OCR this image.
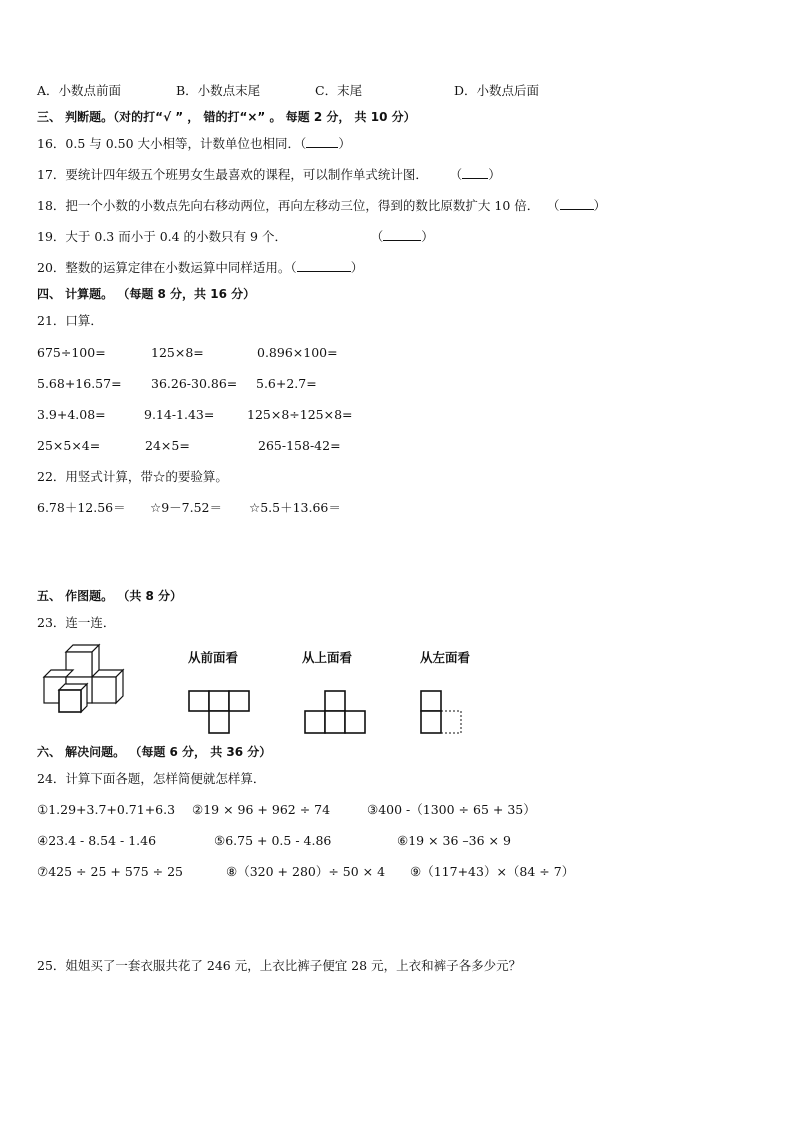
A．小数点前面	B．小数点末尾	C．末尾	D．小数点后面
三、 判断题。（对的打“√ ” ， 错的打“×” 。 每题 2 分， 共 10 分）
16．0.5 与 0.50 大小相等，计数单位也相同．（	）
17．要统计四年级五个班男女生最喜欢的课程，可以制作单式统计图． （ ）
18．把一个小数的小数点先向右移动两位，再向左移动三位，得到的数比原数扩大 10 倍． （	）
19．大于 0.3 而小于 0.4 的小数只有 9 个．	（	）
20．整数的运算定律在小数运算中同样适用。（	）
四、 计算题。 （每题 8 分，共 16 分）
21．口算．
675÷100=	125×8=	0.896×100=
5.68+16.57= 36.26-30.86= 5.6+2.7=
3.9+4.08=	9.14-1.43=	125×8÷125×8=
25×5×4=	24×5=	265-158-42=
22．用竖式计算，带☆的要验算。
6.78＋12.56＝ ☆9－7.52＝ ☆5.5＋13.66＝
五、 作图题。 （共 8 分）
23．连一连．
从前面看	从上面看	从左面看
六、 解决问题。 （每题 6 分， 共 36 分）
24．计算下面各题，怎样简便就怎样算．
①1.29+3.7+0.71+6.3 ②19 × 96 + 962 ÷ 74	③400 -（1300 ÷ 65 + 35）
④23.4 - 8.54 - 1.46	⑤6.75 + 0.5 - 4.86	⑥19 × 36 –36 × 9
⑦425 ÷ 25 + 575 ÷ 25	⑧（320 + 280）÷ 50 × 4 ⑨（117+43）×（84 ÷ 7）
25．姐姐买了一套衣服共花了 246 元，上衣比裤子便宜 28 元，上衣和裤子各多少元？
